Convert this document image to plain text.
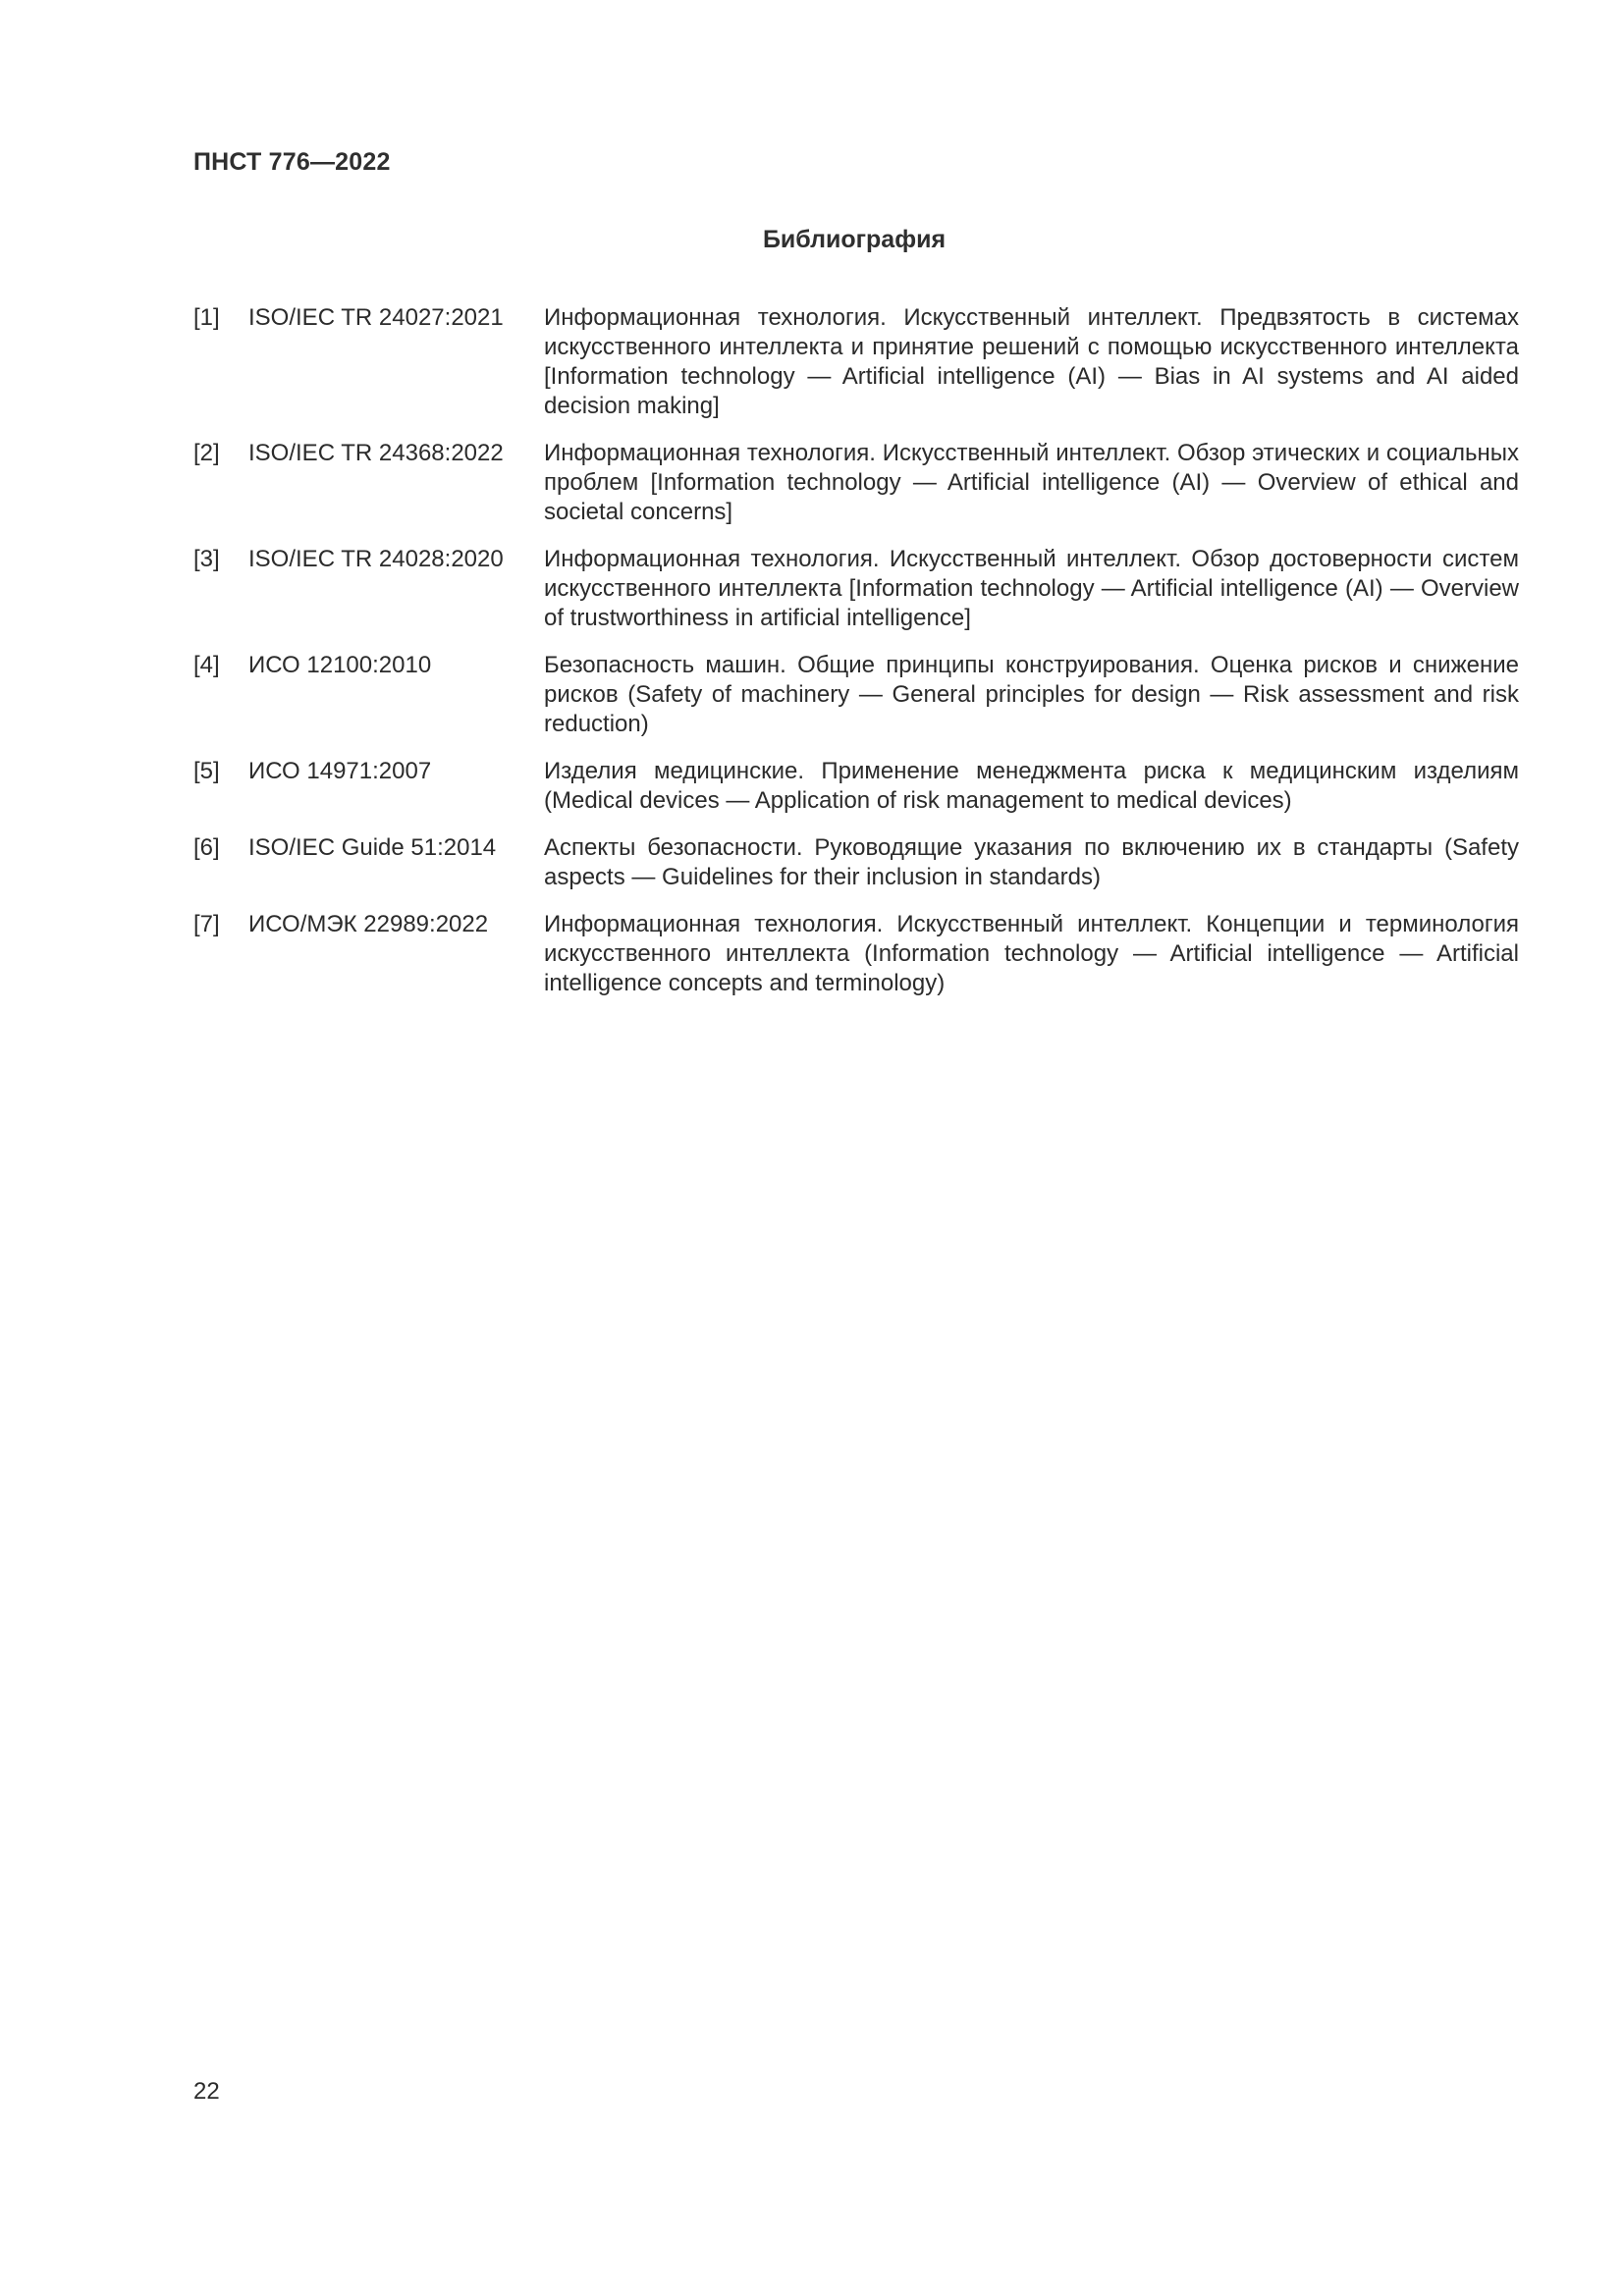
ПНСТ 776—2022
Библиография
[1]	ISO/IEC TR 24027:2021	Информационная технология. Искусственный интеллект. Предвзятость в системах искусственного интеллекта и принятие решений с помощью искусственного интеллекта [Information technology — Artificial intelligence (AI) — Bias in AI systems and AI aided decision making]
[2]	ISO/IEC TR 24368:2022	Информационная технология. Искусственный интеллект. Обзор этических и социальных проблем [Information technology — Artificial intelligence (AI) — Overview of ethical and societal concerns]
[3]	ISO/IEC TR 24028:2020	Информационная технология. Искусственный интеллект. Обзор достоверности систем искусственного интеллекта [Information technology — Artificial intelligence (AI) — Overview of trustworthiness in artificial intelligence]
[4]	ИСО 12100:2010	Безопасность машин. Общие принципы конструирования. Оценка рисков и снижение рисков (Safety of machinery — General principles for design — Risk assessment and risk reduction)
[5]	ИСО 14971:2007	Изделия медицинские. Применение менеджмента риска к медицинским изделиям (Medical devices — Application of risk management to medical devices)
[6]	ISO/IEC Guide 51:2014	Аспекты безопасности. Руководящие указания по включению их в стандарты (Safety aspects — Guidelines for their inclusion in standards)
[7]	ИСО/МЭК 22989:2022	Информационная технология. Искусственный интеллект. Концепции и терминология искусственного интеллекта (Information technology — Artificial intelligence — Artificial intelligence concepts and terminology)
22
